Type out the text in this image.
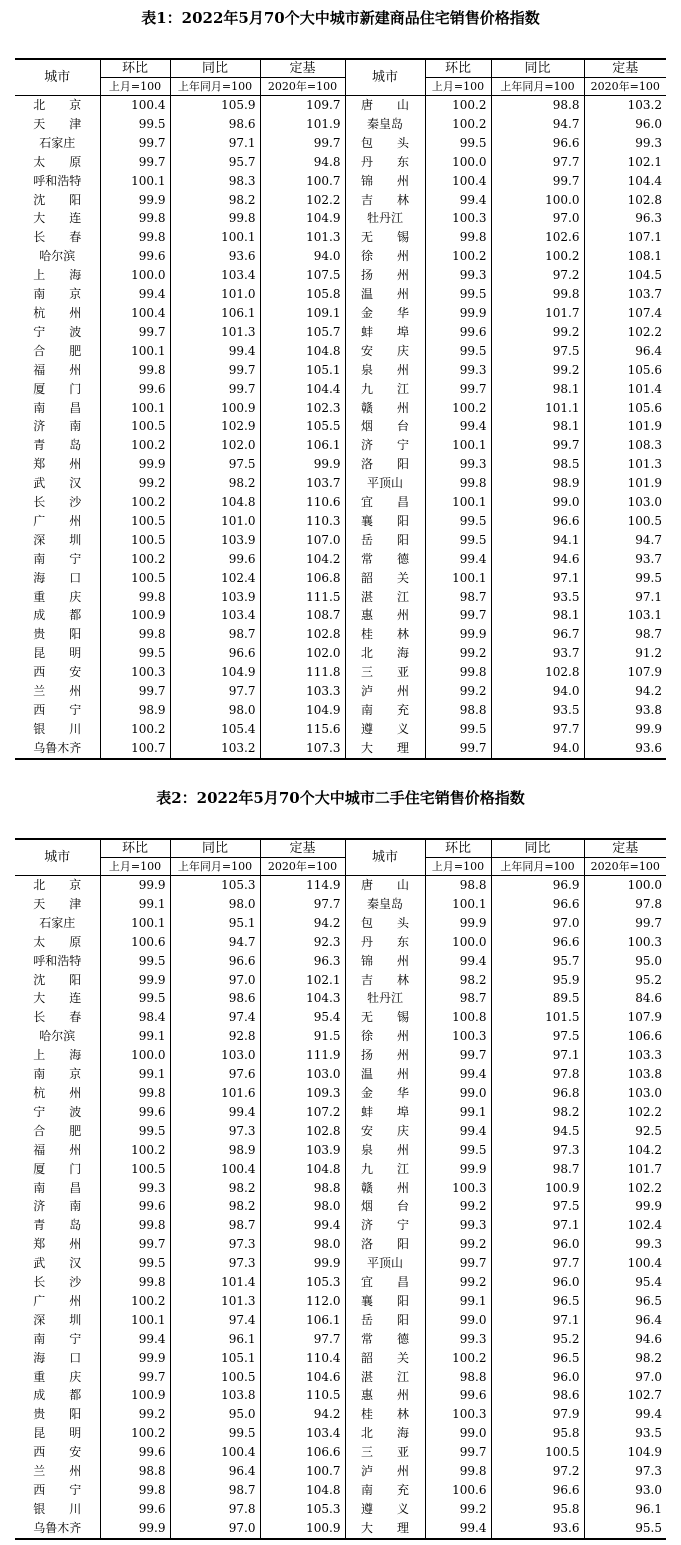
表1：2022年5月70个大中城市新建商品住宅销售价格指数
城市	环比	同比	定基	城市	环比	同比	定基
	上月=100	上年同月=100	2020年=100		上月=100	上年同月=100	2020年=100
北　　京	100.4	105.9	109.7	唐　　山	100.2	98.8	103.2
天　　津	99.5	98.6	101.9	秦皇岛	100.2	94.7	96.0
石家庄	99.7	97.1	99.7	包　　头	99.5	96.6	99.3
太　　原	99.7	95.7	94.8	丹　　东	100.0	97.7	102.1
呼和浩特	100.1	98.3	100.7	锦　　州	100.4	99.7	104.4
沈　　阳	99.9	98.2	102.2	吉　　林	99.4	100.0	102.8
大　　连	99.8	99.8	104.9	牡丹江	100.3	97.0	96.3
长　　春	99.8	100.1	101.3	无　　锡	99.8	102.6	107.1
哈尔滨	99.6	93.6	94.0	徐　　州	100.2	100.2	108.1
上　　海	100.0	103.4	107.5	扬　　州	99.3	97.2	104.5
南　　京	99.4	101.0	105.8	温　　州	99.5	99.8	103.7
杭　　州	100.4	106.1	109.1	金　　华	99.9	101.7	107.4
宁　　波	99.7	101.3	105.7	蚌　　埠	99.6	99.2	102.2
合　　肥	100.1	99.4	104.8	安　　庆	99.5	97.5	96.4
福　　州	99.8	99.7	105.1	泉　　州	99.3	99.2	105.6
厦　　门	99.6	99.7	104.4	九　　江	99.7	98.1	101.4
南　　昌	100.1	100.9	102.3	赣　　州	100.2	101.1	105.6
济　　南	100.5	102.9	105.5	烟　　台	99.4	98.1	101.9
青　　岛	100.2	102.0	106.1	济　　宁	100.1	99.7	108.3
郑　　州	99.9	97.5	99.9	洛　　阳	99.3	98.5	101.3
武　　汉	99.2	98.2	103.7	平顶山	99.8	98.9	101.9
长　　沙	100.2	104.8	110.6	宜　　昌	100.1	99.0	103.0
广　　州	100.5	101.0	110.3	襄　　阳	99.5	96.6	100.5
深　　圳	100.5	103.9	107.0	岳　　阳	99.5	94.1	94.7
南　　宁	100.2	99.6	104.2	常　　德	99.4	94.6	93.7
海　　口	100.5	102.4	106.8	韶　　关	100.1	97.1	99.5
重　　庆	99.8	103.9	111.5	湛　　江	98.7	93.5	97.1
成　　都	100.9	103.4	108.7	惠　　州	99.7	98.1	103.1
贵　　阳	99.8	98.7	102.8	桂　　林	99.9	96.7	98.7
昆　　明	99.5	96.6	102.0	北　　海	99.2	93.7	91.2
西　　安	100.3	104.9	111.8	三　　亚	99.8	102.8	107.9
兰　　州	99.7	97.7	103.3	泸　　州	99.2	94.0	94.2
西　　宁	98.9	98.0	104.9	南　　充	98.8	93.5	93.8
银　　川	100.2	105.4	115.6	遵　　义	99.5	97.7	99.9
乌鲁木齐	100.7	103.2	107.3	大　　理	99.7	94.0	93.6
表2：2022年5月70个大中城市二手住宅销售价格指数
城市	环比	同比	定基	城市	环比	同比	定基
	上月=100	上年同月=100	2020年=100		上月=100	上年同月=100	2020年=100
北　　京	99.9	105.3	114.9	唐　　山	98.8	96.9	100.0
天　　津	99.1	98.0	97.7	秦皇岛	100.1	96.6	97.8
石家庄	100.1	95.1	94.2	包　　头	99.9	97.0	99.7
太　　原	100.6	94.7	92.3	丹　　东	100.0	96.6	100.3
呼和浩特	99.5	96.6	96.3	锦　　州	99.4	95.7	95.0
沈　　阳	99.9	97.0	102.1	吉　　林	98.2	95.9	95.2
大　　连	99.5	98.6	104.3	牡丹江	98.7	89.5	84.6
长　　春	98.4	97.4	95.4	无　　锡	100.8	101.5	107.9
哈尔滨	99.1	92.8	91.5	徐　　州	100.3	97.5	106.6
上　　海	100.0	103.0	111.9	扬　　州	99.7	97.1	103.3
南　　京	99.1	97.6	103.0	温　　州	99.4	97.8	103.8
杭　　州	99.8	101.6	109.3	金　　华	99.0	96.8	103.0
宁　　波	99.6	99.4	107.2	蚌　　埠	99.1	98.2	102.2
合　　肥	99.5	97.3	102.8	安　　庆	99.4	94.5	92.5
福　　州	100.2	98.9	103.9	泉　　州	99.5	97.3	104.2
厦　　门	100.5	100.4	104.8	九　　江	99.9	98.7	101.7
南　　昌	99.3	98.2	98.8	赣　　州	100.3	100.9	102.2
济　　南	99.6	98.2	98.0	烟　　台	99.2	97.5	99.9
青　　岛	99.8	98.7	99.4	济　　宁	99.3	97.1	102.4
郑　　州	99.7	97.3	98.0	洛　　阳	99.2	96.0	99.3
武　　汉	99.5	97.3	99.9	平顶山	99.7	97.7	100.4
长　　沙	99.8	101.4	105.3	宜　　昌	99.2	96.0	95.4
广　　州	100.2	101.3	112.0	襄　　阳	99.1	96.5	96.5
深　　圳	100.1	97.4	106.1	岳　　阳	99.0	97.1	96.4
南　　宁	99.4	96.1	97.7	常　　德	99.3	95.2	94.6
海　　口	99.9	105.1	110.4	韶　　关	100.2	96.5	98.2
重　　庆	99.7	100.5	104.6	湛　　江	98.8	96.0	97.0
成　　都	100.9	103.8	110.5	惠　　州	99.6	98.6	102.7
贵　　阳	99.2	95.0	94.2	桂　　林	100.3	97.9	99.4
昆　　明	100.2	99.5	103.4	北　　海	99.0	95.8	93.5
西　　安	99.6	100.4	106.6	三　　亚	99.7	100.5	104.9
兰　　州	98.8	96.4	100.7	泸　　州	99.8	97.2	97.3
西　　宁	99.8	98.7	104.8	南　　充	100.6	96.6	93.0
银　　川	99.6	97.8	105.3	遵　　义	99.2	95.8	96.1
乌鲁木齐	99.9	97.0	100.9	大　　理	99.4	93.6	95.5
